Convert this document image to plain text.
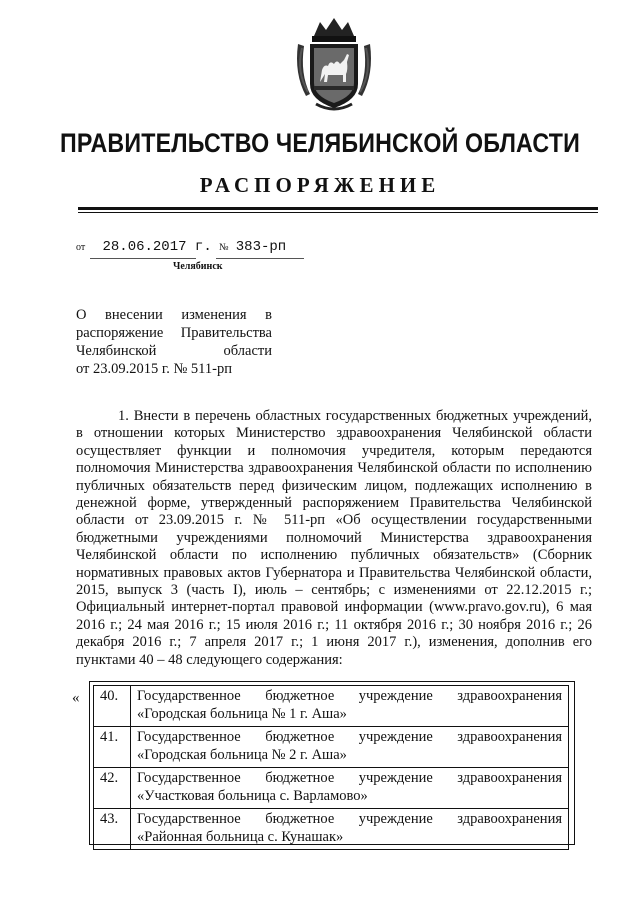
ПРАВИТЕЛЬСТВО ЧЕЛЯБИНСКОЙ ОБЛАСТИ
РАСПОРЯЖЕНИЕ
от 28.06.2017 г. № 383-рп
Челябинск
О внесении изменения в
распоряжение Правительства
Челябинской	области
от 23.09.2015 г. № 511-рп
1. Внести в перечень областных государственных бюджетных учреждений, в отношении которых Министерство здравоохранения Челябинской области осуществляет функции и полномочия учредителя, которым передаются полномочия Министерства здравоохранения Челябинской области по исполнению публичных обязательств перед физическим лицом, подлежащих исполнению в денежной форме, утвержденный распоряжением Правительства Челябинской области от 23.09.2015 г. № 511-рп «Об осуществлении государственными бюджетными учреждениями полномочий Министерства здравоохранения Челябинской области по исполнению публичных обязательств» (Сборник нормативных правовых актов Губернатора и Правительства Челябинской области, 2015, выпуск 3 (часть I), июль – сентябрь; с изменениями от 22.12.2015 г.; Официальный интернет-портал правовой информации (www.pravo.gov.ru), 6 мая 2016 г.; 24 мая 2016 г.; 15 июля 2016 г.; 11 октября 2016 г.; 30 ноября 2016 г.; 26 декабря 2016 г.; 7 апреля 2017 г.; 1 июня 2017 г.), изменения, дополнив его пунктами 40 – 48 следующего содержания:
« 40.	Государственное бюджетное учреждение здравоохранения
«Городская больница № 1 г. Аша»
41.	Государственное бюджетное учреждение здравоохранения
«Городская больница № 2 г. Аша»
42.	Государственное бюджетное учреждение здравоохранения
«Участковая больница с. Варламово»
43.	Государственное бюджетное учреждение здравоохранения
«Районная больница с. Кунашак»
